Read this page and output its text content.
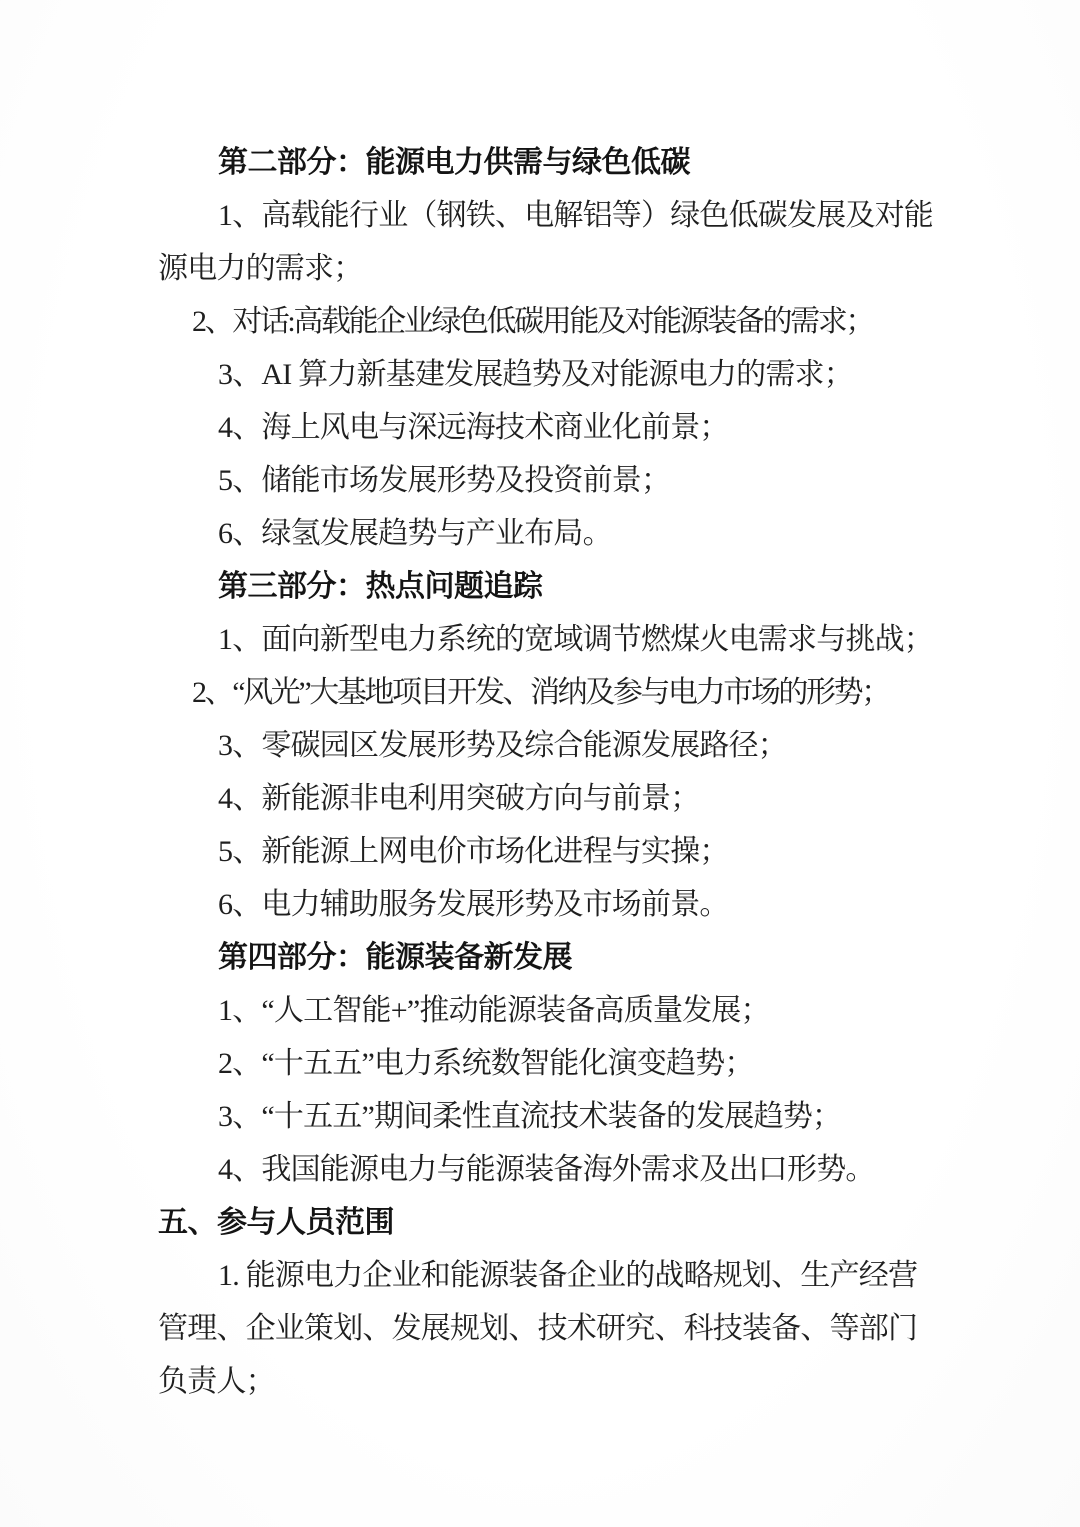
第二部分：能源电力供需与绿色低碳
1、高载能行业（钢铁、电解铝等）绿色低碳发展及对能
源电力的需求；
2、对话:高载能企业绿色低碳用能及对能源装备的需求；
3、AI 算力新基建发展趋势及对能源电力的需求；
4、海上风电与深远海技术商业化前景；
5、储能市场发展形势及投资前景；
6、绿氢发展趋势与产业布局。
第三部分：热点问题追踪
1、面向新型电力系统的宽域调节燃煤火电需求与挑战；
2、“风光”大基地项目开发、消纳及参与电力市场的形势；
3、零碳园区发展形势及综合能源发展路径；
4、新能源非电利用突破方向与前景；
5、新能源上网电价市场化进程与实操；
6、电力辅助服务发展形势及市场前景。
第四部分：能源装备新发展
1、“人工智能+”推动能源装备高质量发展；
2、“十五五”电力系统数智能化演变趋势；
3、“十五五”期间柔性直流技术装备的发展趋势；
4、我国能源电力与能源装备海外需求及出口形势。
五、参与人员范围
1. 能源电力企业和能源装备企业的战略规划、生产经营
管理、企业策划、发展规划、技术研究、科技装备、等部门
负责人；
